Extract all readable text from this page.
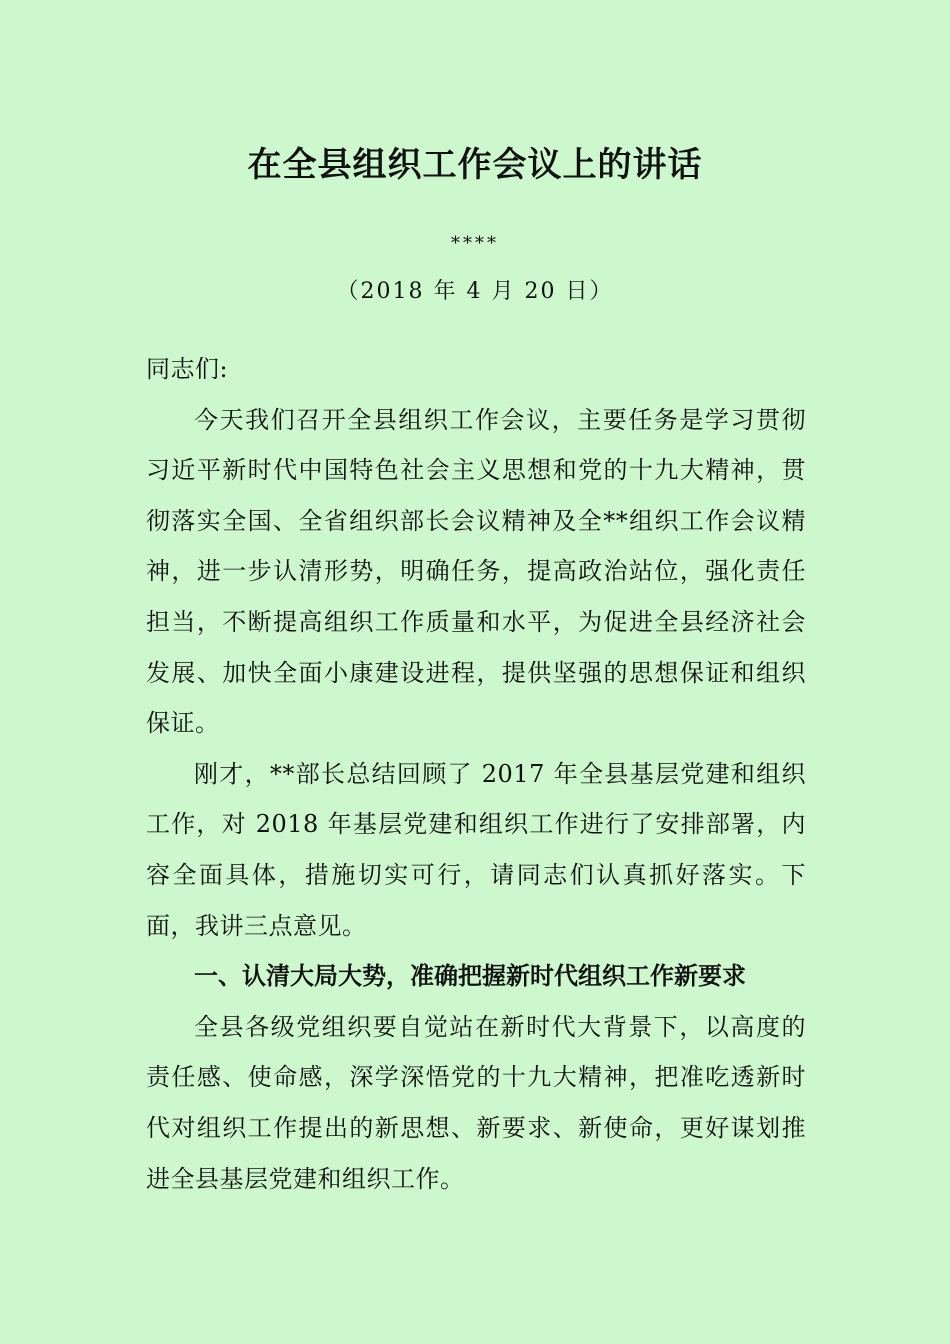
在全县组织工作会议上的讲话
****
（2018 年 4 月 20 日）

同志们:

今天我们召开全县组织工作会议，主要任务是学习贯彻习近平新时代中国特色社会主义思想和党的十九大精神，贯彻落实全国、全省组织部长会议精神及全**组织工作会议精神，进一步认清形势，明确任务，提高政治站位，强化责任担当，不断提高组织工作质量和水平，为促进全县经济社会发展、加快全面小康建设进程，提供坚强的思想保证和组织保证。

刚才，**部长总结回顾了 2017 年全县基层党建和组织工作，对 2018 年基层党建和组织工作进行了安排部署，内容全面具体，措施切实可行，请同志们认真抓好落实。下面，我讲三点意见。

一、认清大局大势，准确把握新时代组织工作新要求

全县各级党组织要自觉站在新时代大背景下，以高度的责任感、使命感，深学深悟党的十九大精神，把准吃透新时代对组织工作提出的新思想、新要求、新使命，更好谋划推进全县基层党建和组织工作。
